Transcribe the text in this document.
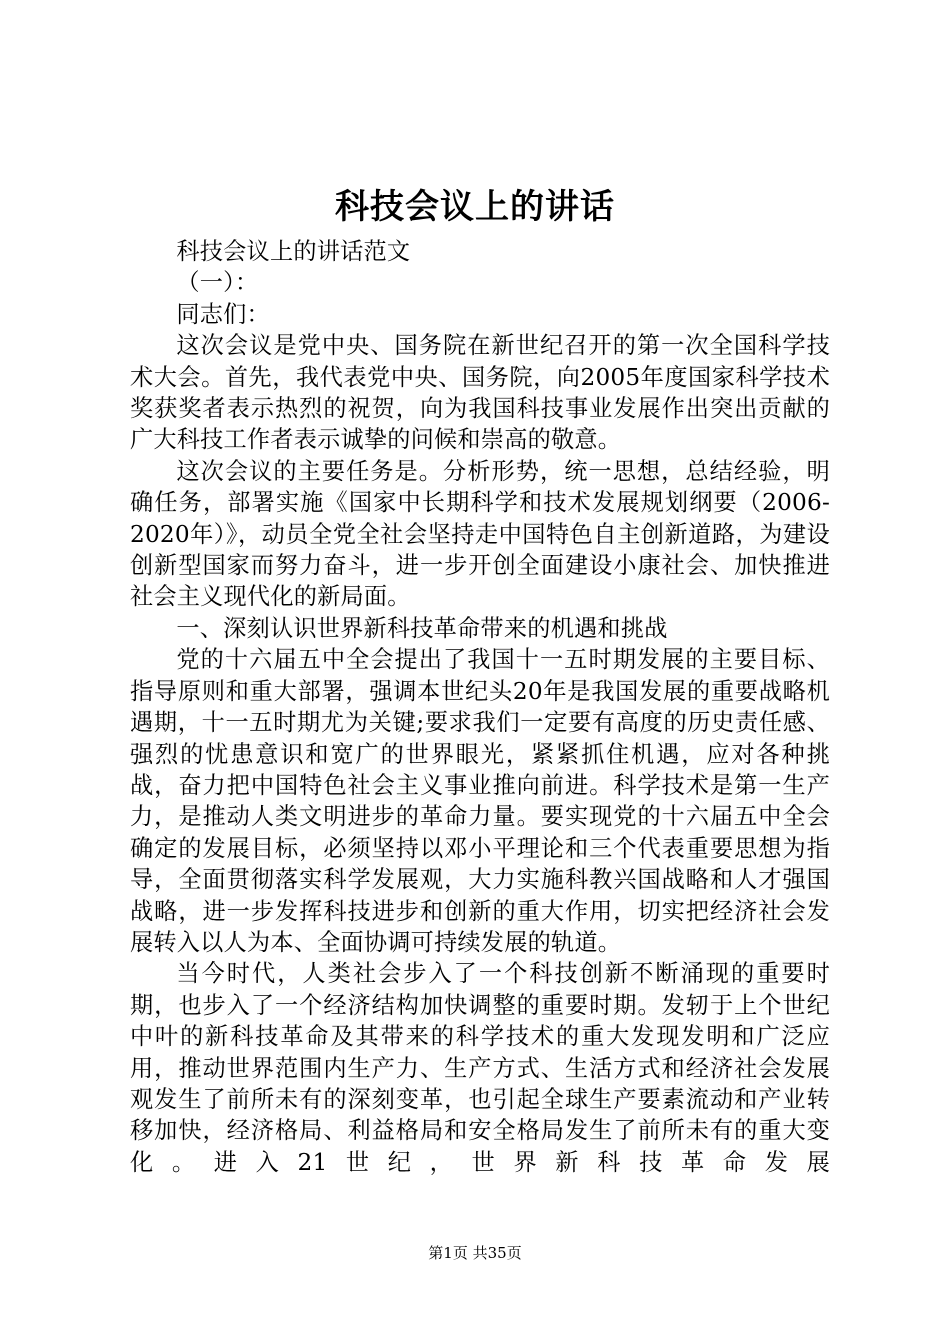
科技会议上的讲话

科技会议上的讲话范文

（一）：

同志们：

这次会议是党中央、国务院在新世纪召开的第一次全国科学技术大会。首先，我代表党中央、国务院，向2005年度国家科学技术奖获奖者表示热烈的祝贺，向为我国科技事业发展作出突出贡献的广大科技工作者表示诚挚的问候和崇高的敬意。

这次会议的主要任务是。分析形势，统一思想，总结经验，明确任务，部署实施《国家中长期科学和技术发展规划纲要（2006-2020年）》，动员全党全社会坚持走中国特色自主创新道路，为建设创新型国家而努力奋斗，进一步开创全面建设小康社会、加快推进社会主义现代化的新局面。

一、深刻认识世界新科技革命带来的机遇和挑战

党的十六届五中全会提出了我国十一五时期发展的主要目标、指导原则和重大部署，强调本世纪头20年是我国发展的重要战略机遇期，十一五时期尤为关键;要求我们一定要有高度的历史责任感、强烈的忧患意识和宽广的世界眼光，紧紧抓住机遇，应对各种挑战，奋力把中国特色社会主义事业推向前进。科学技术是第一生产力，是推动人类文明进步的革命力量。要实现党的十六届五中全会确定的发展目标，必须坚持以邓小平理论和三个代表重要思想为指导，全面贯彻落实科学发展观，大力实施科教兴国战略和人才强国战略，进一步发挥科技进步和创新的重大作用，切实把经济社会发展转入以人为本、全面协调可持续发展的轨道。

当今时代，人类社会步入了一个科技创新不断涌现的重要时期，也步入了一个经济结构加快调整的重要时期。发轫于上个世纪中叶的新科技革命及其带来的科学技术的重大发现发明和广泛应用，推动世界范围内生产力、生产方式、生活方式和经济社会发展观发生了前所未有的深刻变革，也引起全球生产要素流动和产业转移加快，经济格局、利益格局和安全格局发生了前所未有的重大变化。进入21世纪，世界新科技革命发展

第1页 共35页
